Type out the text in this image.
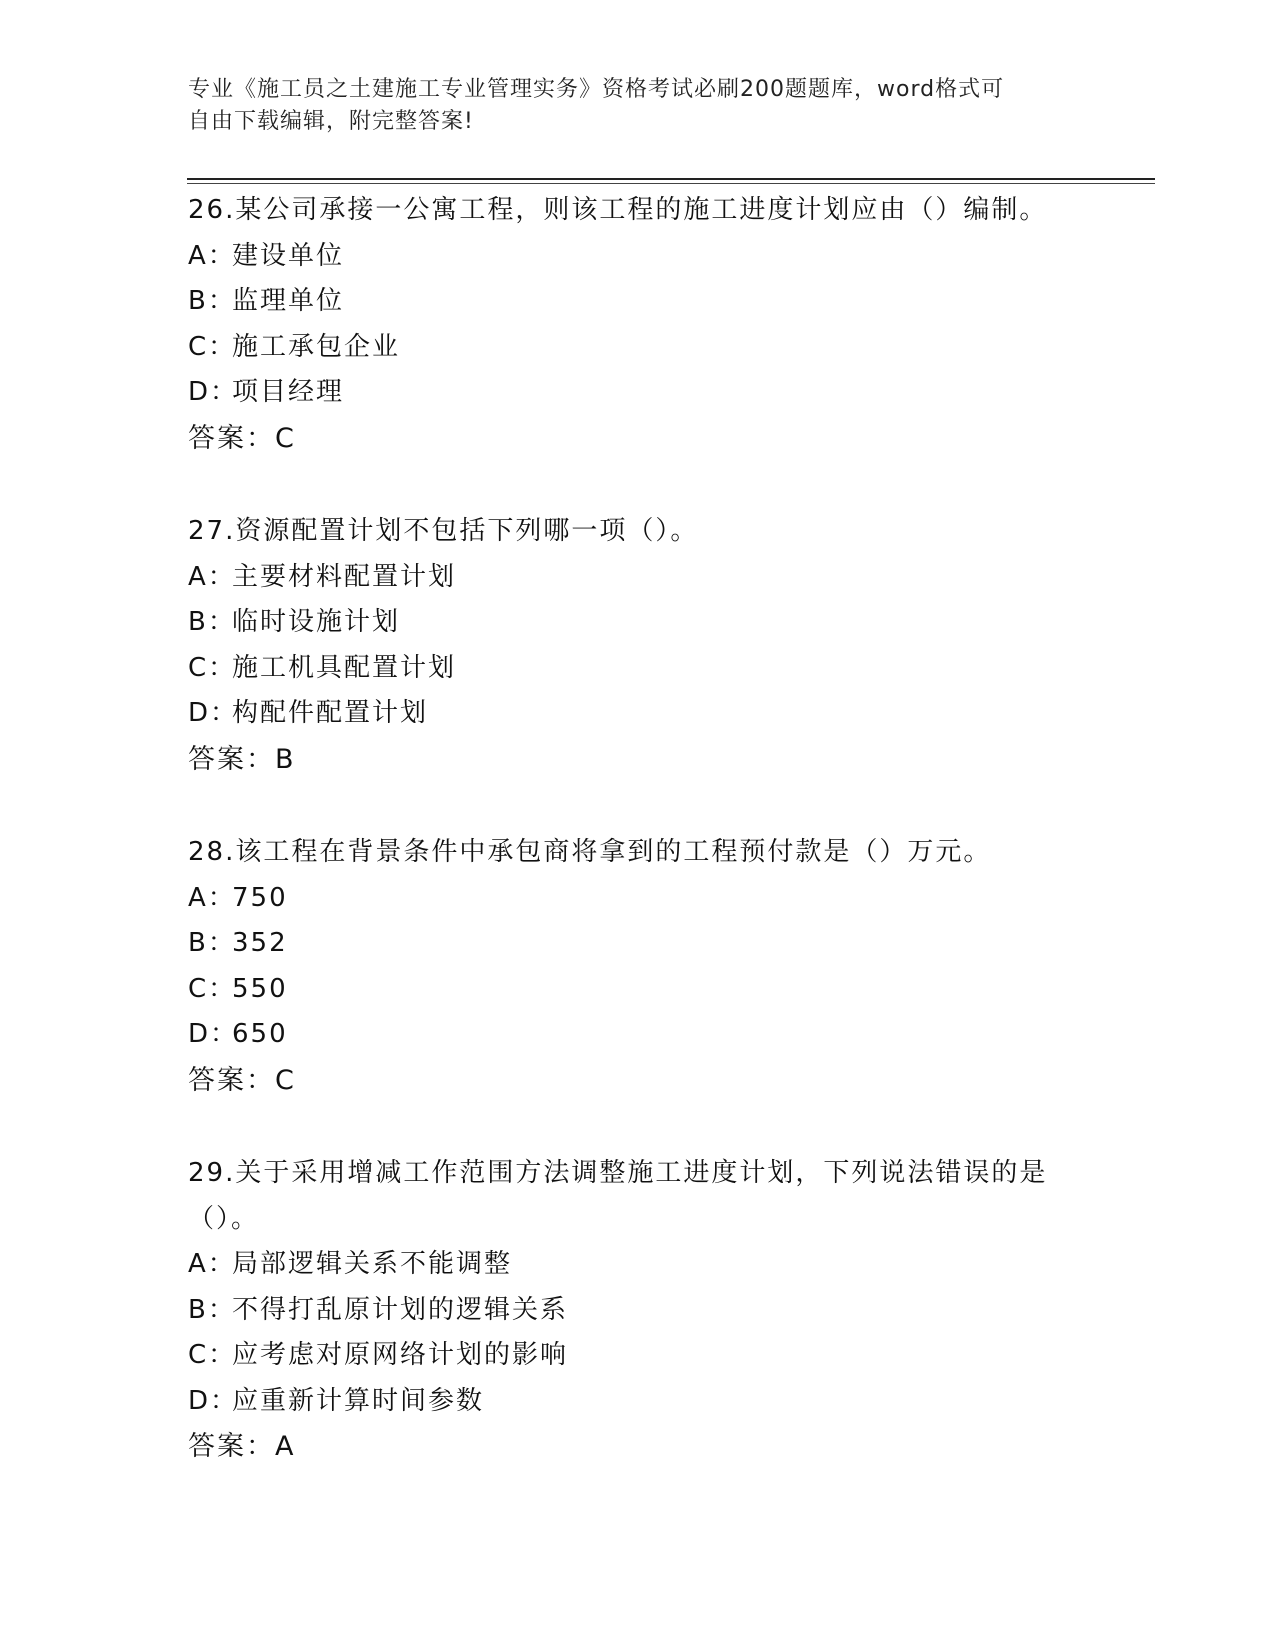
专业《施工员之土建施工专业管理实务》资格考试必刷200题题库，word格式可
自由下载编辑，附完整答案!
26.某公司承接一公寓工程，则该工程的施工进度计划应由（）编制。
A：建设单位
B：监理单位
C：施工承包企业
D：项目经理
答案：C
27.资源配置计划不包括下列哪一项（）。
A：主要材料配置计划
B：临时设施计划
C：施工机具配置计划
D：构配件配置计划
答案：B
28.该工程在背景条件中承包商将拿到的工程预付款是（）万元。
A：750
B：352
C：550
D：650
答案：C
29.关于采用增减工作范围方法调整施工进度计划，下列说法错误的是（）。
A：局部逻辑关系不能调整
B：不得打乱原计划的逻辑关系
C：应考虑对原网络计划的影响
D：应重新计算时间参数
答案：A
